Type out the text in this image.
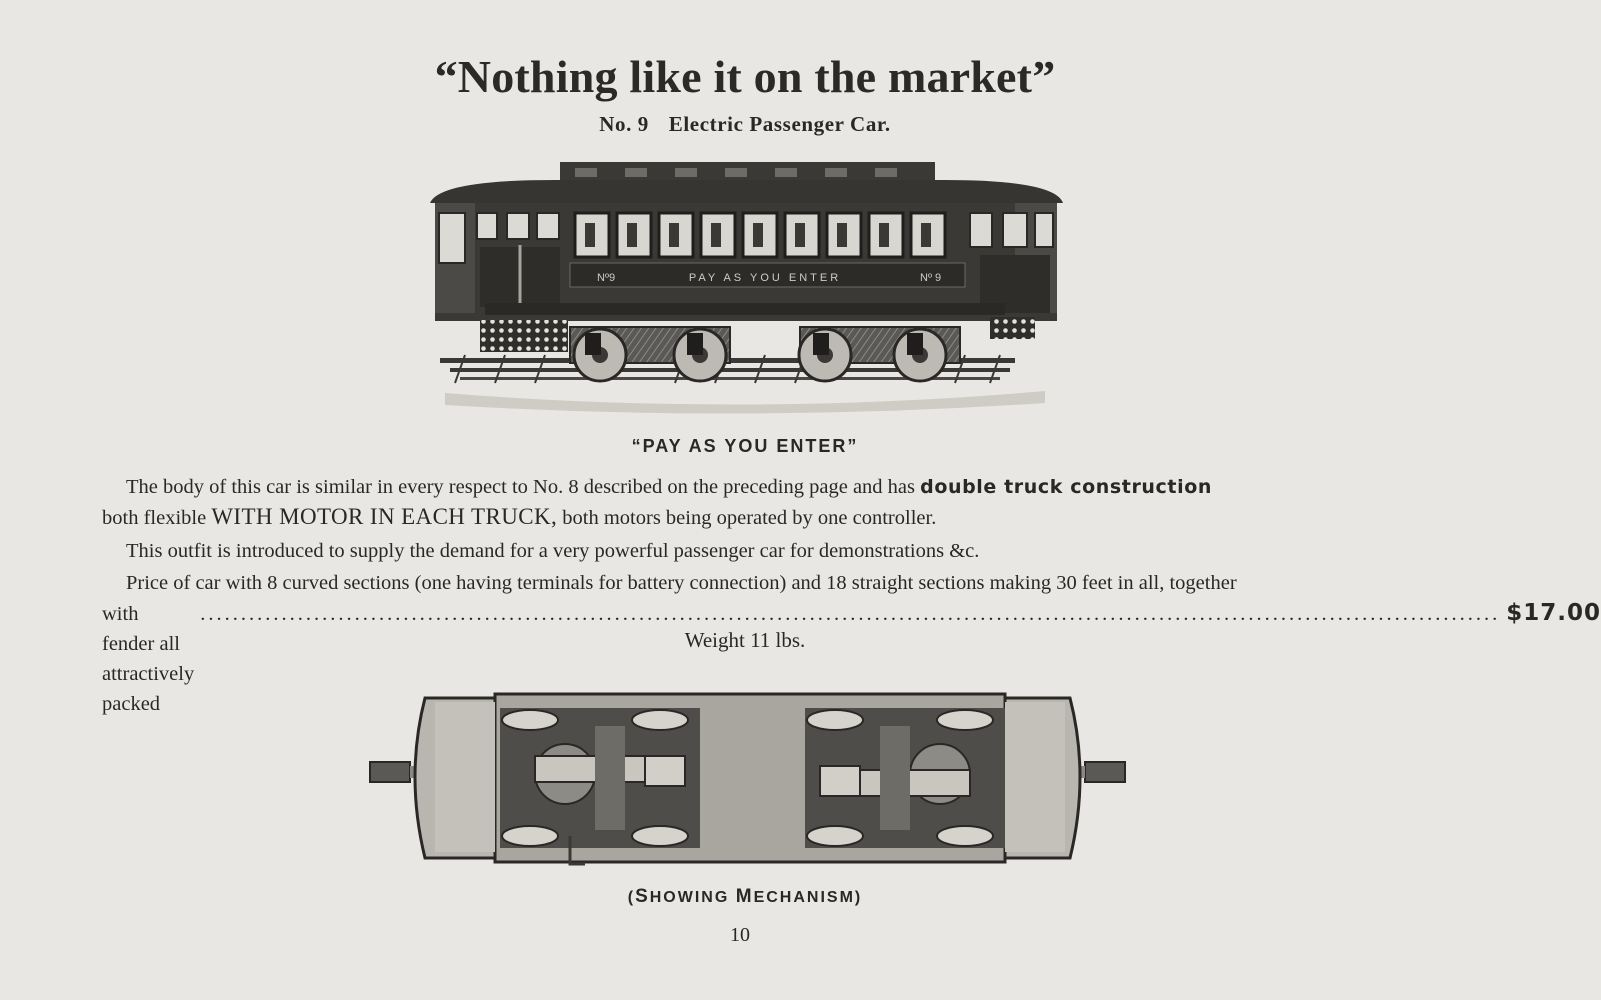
“Nothing like it on the market”
No. 9 Electric Passenger Car.
Nº9	PAY AS YOU ENTER	Nº 9
“PAY AS YOU ENTER”
The body of this car is similar in every respect to No. 8 described on the preceding page and has double truck construction
both flexible WITH MOTOR IN EACH TRUCK, both motors being operated by one controller.
This outfit is introduced to supply the demand for a very powerful passenger car for demonstrations &c.
Price of car with 8 curved sections (one having terminals for battery connection) and 18 straight sections making 30 feet in all, together
with fender all attractively packed
................................................................................................................................................................ $17.00
Weight 11 lbs.
(SHOWING MECHANISM)
10
